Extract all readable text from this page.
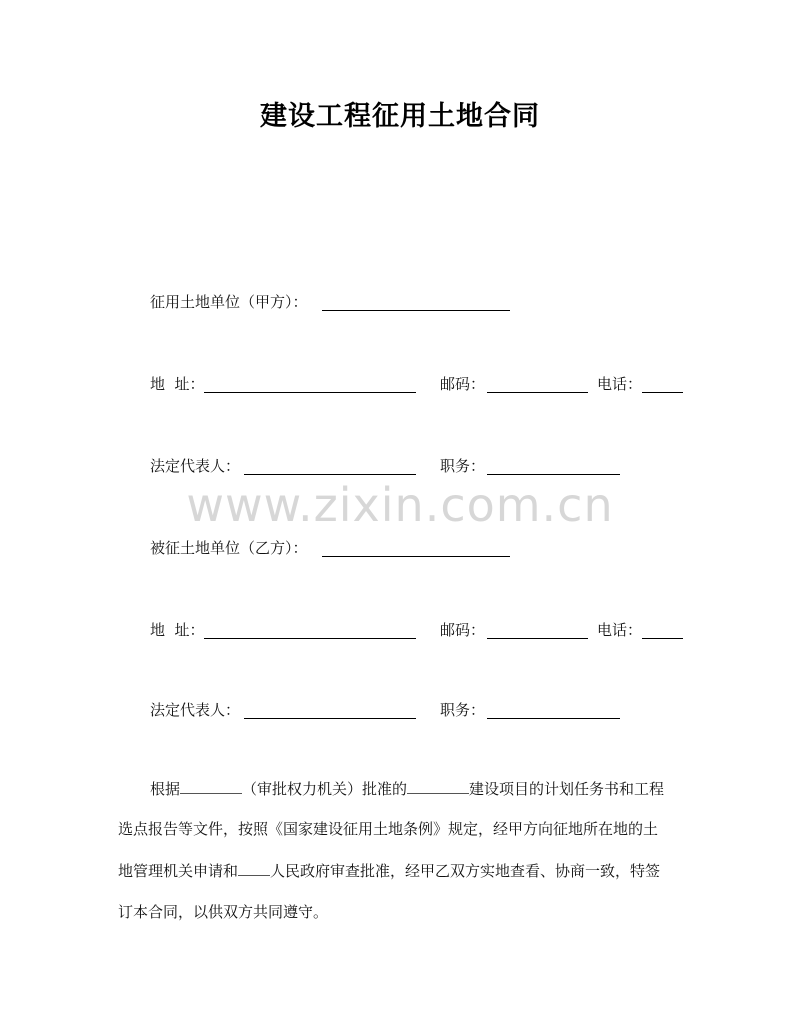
建设工程征用土地合同
征用土地单位（甲方）：
地  址：	邮码：	电话：
法定代表人：	职务：
www.zixin.com.cn
被征土地单位（乙方）：
地  址：	邮码：	电话：
法定代表人：	职务：
根据	（审批权力机关）批准的	建设项目的计划任务书和工程
选点报告等文件，按照《国家建设征用土地条例》规定，经甲方向征地所在地的土
地管理机关申请和 人民政府审查批准，经甲乙双方实地查看、协商一致，特签
订本合同，以供双方共同遵守。
